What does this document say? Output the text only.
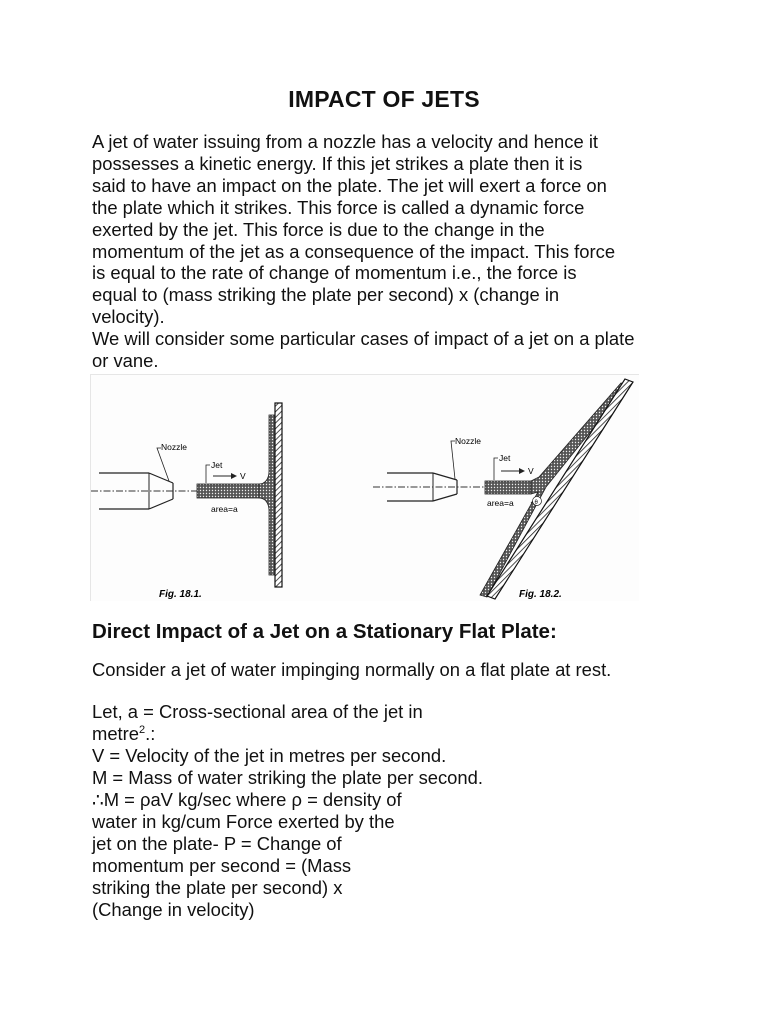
IMPACT OF JETS
A jet of water issuing from a nozzle has a velocity and hence it
possesses a kinetic energy. If this jet strikes a plate then it is
said to have an impact on the plate. The jet will exert a force on
the plate which it strikes. This force is called a dynamic force
exerted by the jet. This force is due to the change in the
momentum of the jet as a consequence of the impact. This force
is equal to the rate of change of momentum i.e., the force is
equal to (mass striking the plate per second) x (change in
velocity).
We will consider some particular cases of impact of a jet on a plate
or vane.
Nozzle
Jet
V
area=a
Fig. 18.1.
θ
Nozzle
Jet
V
area=a
Fig. 18.2.
Direct Impact of a Jet on a Stationary Flat Plate:
Consider a jet of water impinging normally on a flat plate at rest.
Let, a = Cross-sectional area of the jet in
metre$^2$.:
V = Velocity of the jet in metres per second.
M = Mass of water striking the plate per second.
∴M = ρaV kg/sec where ρ = density of
water in kg/cum Force exerted by the
jet on the plate- P = Change of
momentum per second = (Mass
striking the plate per second) x
(Change in velocity)
